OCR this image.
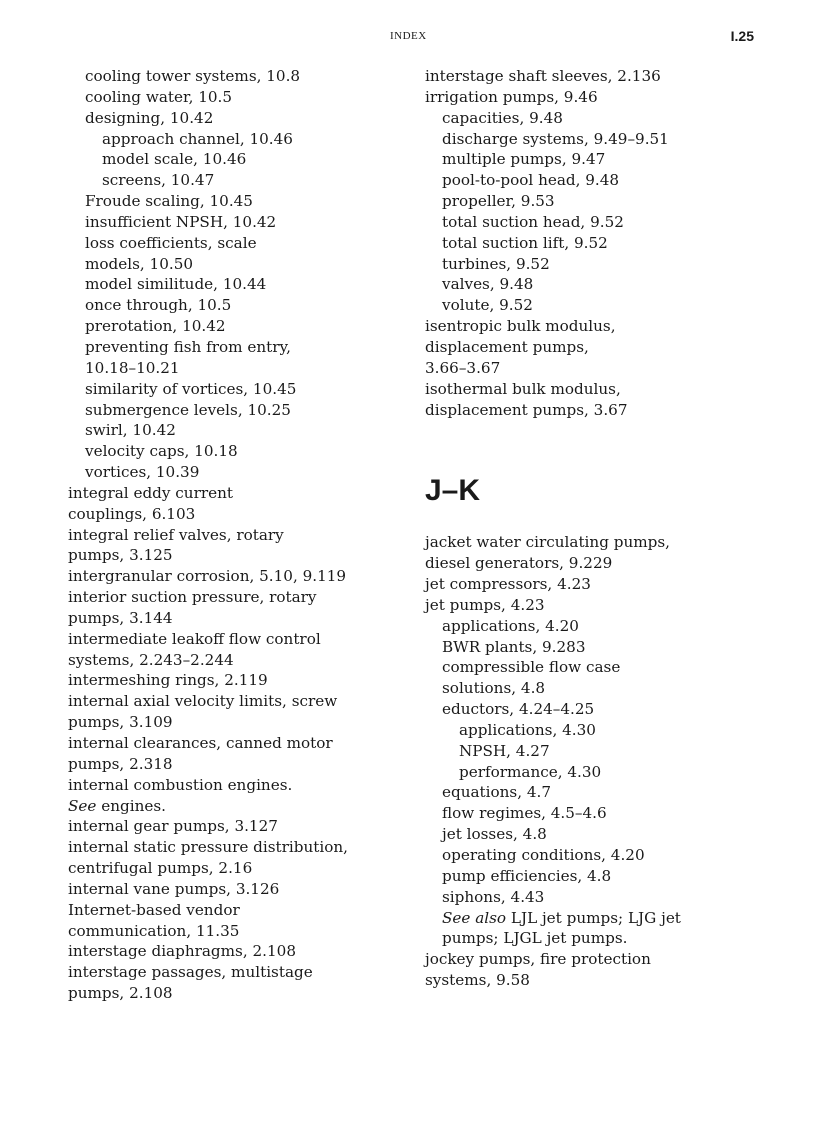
INDEX	I.25
cooling tower systems, 10.8
cooling water, 10.5
designing, 10.42
approach channel, 10.46
model scale, 10.46
screens, 10.47
Froude scaling, 10.45
insufficient NPSH, 10.42
loss coefficients, scale
models, 10.50
model similitude, 10.44
once through, 10.5
prerotation, 10.42
preventing fish from entry,
10.18–10.21
similarity of vortices, 10.45
submergence levels, 10.25
swirl, 10.42
velocity caps, 10.18
vortices, 10.39
integral eddy current
couplings, 6.103
integral relief valves, rotary
pumps, 3.125
intergranular corrosion, 5.10, 9.119
interior suction pressure, rotary
pumps, 3.144
intermediate leakoff flow control
systems, 2.243–2.244
intermeshing rings, 2.119
internal axial velocity limits, screw
pumps, 3.109
internal clearances, canned motor
pumps, 2.318
internal combustion engines.
See engines.
internal gear pumps, 3.127
internal static pressure distribution,
centrifugal pumps, 2.16
internal vane pumps, 3.126
Internet-based vendor
communication, 11.35
interstage diaphragms, 2.108
interstage passages, multistage
pumps, 2.108
interstage shaft sleeves, 2.136
irrigation pumps, 9.46
capacities, 9.48
discharge systems, 9.49–9.51
multiple pumps, 9.47
pool-to-pool head, 9.48
propeller, 9.53
total suction head, 9.52
total suction lift, 9.52
turbines, 9.52
valves, 9.48
volute, 9.52
isentropic bulk modulus,
displacement pumps,
3.66–3.67
isothermal bulk modulus,
displacement pumps, 3.67
J–K
jacket water circulating pumps,
diesel generators, 9.229
jet compressors, 4.23
jet pumps, 4.23
applications, 4.20
BWR plants, 9.283
compressible flow case
solutions, 4.8
eductors, 4.24–4.25
applications, 4.30
NPSH, 4.27
performance, 4.30
equations, 4.7
flow regimes, 4.5–4.6
jet losses, 4.8
operating conditions, 4.20
pump efficiencies, 4.8
siphons, 4.43
See also LJL jet pumps; LJG jet
pumps; LJGL jet pumps.
jockey pumps, fire protection
systems, 9.58
